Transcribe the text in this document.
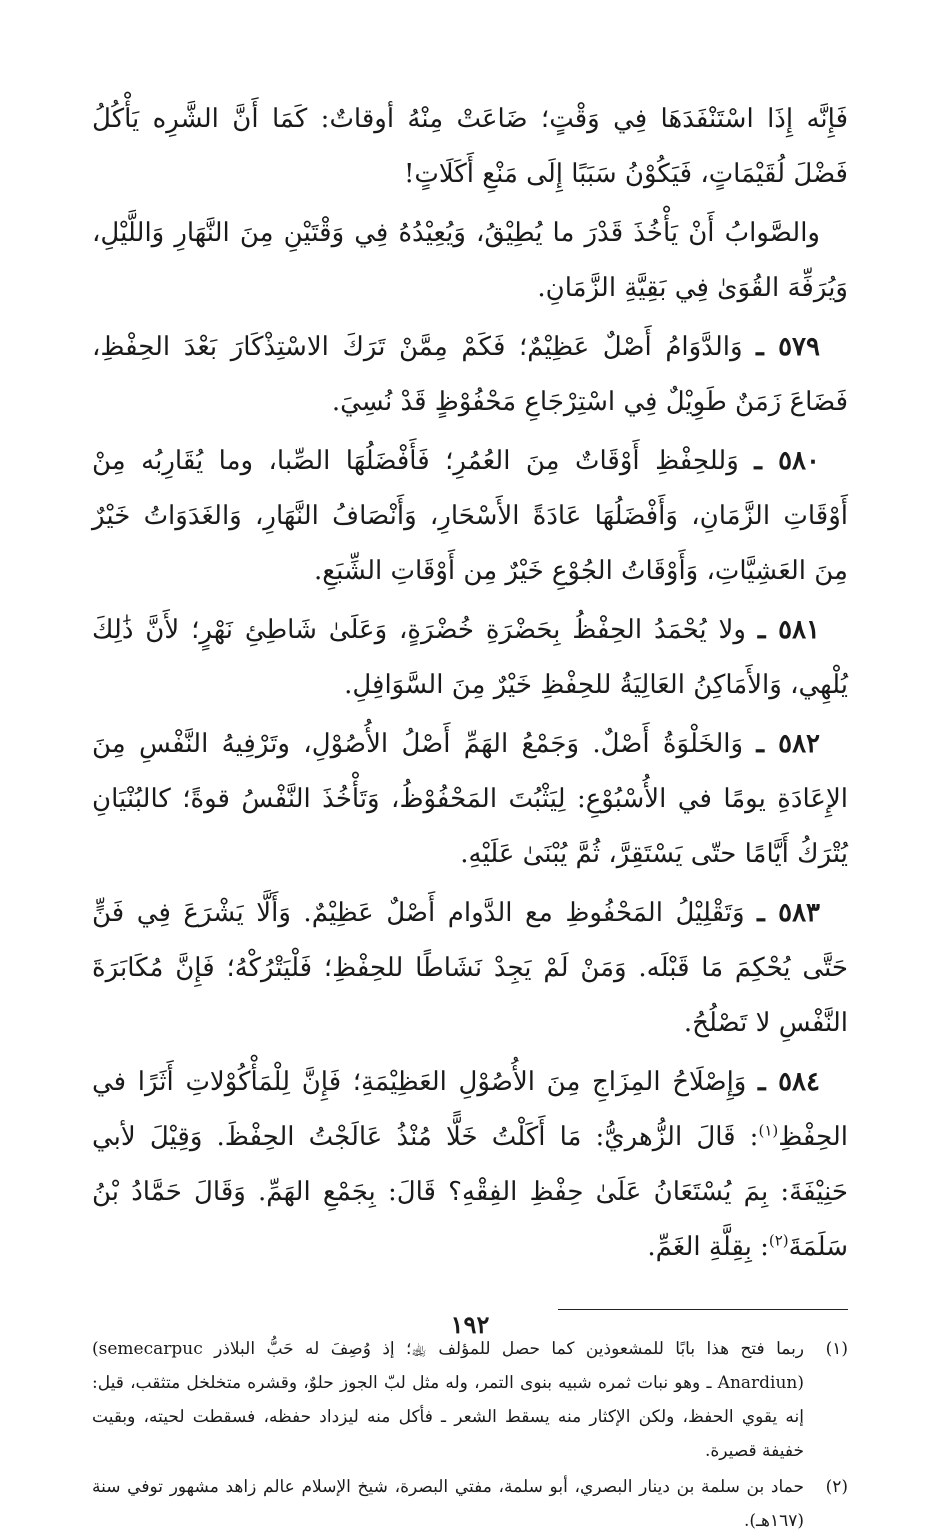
فَإِنَّه إِذَا اسْتَنْفَدَهَا فِي وَقْتٍ؛ ضَاعَتْ مِنْهُ أوقاتٌ: كَمَا أَنَّ الشَّرِه يَأْكُلُ فَضْلَ لُقَيْمَاتٍ، فَيَكُوْنُ سَبَبًا إِلَى مَنْعِ أَكَلَاتٍ!

والصَّوابُ أَنْ يَأْخُذَ قَدْرَ ما يُطِيْقُ، وَيُعِيْدُهُ فِي وَقْتَيْنِ مِنَ النَّهَارِ وَاللَّيْلِ، وَيُرَفِّهَ القُوَىٰ فِي بَقِيَّةِ الزَّمَانِ.

٥٧٩ ـ وَالدَّوَامُ أَصْلٌ عَظِيْمٌ؛ فَكَمْ مِمَّنْ تَرَكَ الاسْتِذْكَارَ بَعْدَ الحِفْظِ، فَضَاعَ زَمَنٌ طَوِيْلٌ فِي اسْتِرْجَاعِ مَحْفُوْظٍ قَدْ نُسِيَ.

٥٨٠ ـ وَللحِفْظِ أَوْقَاتٌ مِنَ العُمُرِ؛ فَأَفْضَلُهَا الصِّبا، وما يُقَارِبُه مِنْ أَوْقَاتِ الزَّمَانِ، وَأَفْضَلُهَا عَادَةً الأَسْحَارِ، وَأَنْصَافُ النَّهَارِ، وَالغَدَوَاتُ خَيْرٌ مِنَ العَشِيَّاتِ، وَأَوْقَاتُ الجُوْعِ خَيْرٌ مِن أَوْقَاتِ الشِّبَعِ.

٥٨١ ـ ولا يُحْمَدُ الحِفْظُ بِحَضْرَةِ خُضْرَةٍ، وَعَلَىٰ شَاطِئِ نَهْرٍ؛ لأَنَّ ذَٰلِكَ يُلْهِي، وَالأَمَاكِنُ العَالِيَةُ للحِفْظِ خَيْرٌ مِنَ السَّوَافِلِ.

٥٨٢ ـ وَالخَلْوَةُ أَصْلٌ. وَجَمْعُ الهَمِّ أَصْلُ الأُصُوْلِ، وتَرْفِيهُ النَّفْسِ مِنَ الإِعَادَةِ يومًا في الأُسْبُوْعِ: لِيَثْبُتَ المَحْفُوْظُ، وَتَأْخُذَ النَّفْسُ قوةً؛ كالبُنْيَانِ يُتْرَكُ أَيَّامًا حتّى يَسْتَقِرَّ، ثُمَّ يُبْنَىٰ عَلَيْهِ.

٥٨٣ ـ وَتَقْلِيْلُ المَحْفُوظِ مع الدَّوام أَصْلٌ عَظِيْمٌ. وَأَلَّا يَشْرَعَ فِي فَنٍّ حَتَّى يُحْكِمَ مَا قَبْلَه. وَمَنْ لَمْ يَجِدْ نَشَاطًا للحِفْظِ؛ فَلْيَتْرُكْهُ؛ فَإِنَّ مُكَابَرَةَ النَّفْسِ لا تَصْلُحُ.

٥٨٤ ـ وَإِصْلَاحُ المِزَاجِ مِنَ الأُصُوْلِ العَظِيْمَةِ؛ فَإِنَّ لِلْمَأْكُوْلاتِ أَثَرًا في الحِفْظِ$^{(١)}$: قَالَ الزُّهريُّ: مَا أَكَلْتُ خَلًّا مُنْذُ عَالَجْتُ الحِفْظَ. وَقِيْلَ لأبي حَنِيْفَةَ: بِمَ يُسْتَعَانُ عَلَىٰ حِفْظِ الفِقْهِ؟ قَالَ: بِجَمْعِ الهَمِّ. وَقَالَ حَمَّادُ بْنُ سَلَمَةَ$^{(٢)}$: بِقِلَّةِ الغَمِّ.

(١)
ربما فتح هذا بابًا للمشعوذين كما حصل للمؤلف ﵀؛ إذ وُصِفَ له حَبُّ البلاذر (semecarpuc Anardiun) ـ وهو نبات ثمره شبيه بنوى التمر، وله مثل لبّ الجوز حلوٌ، وقشره متخلخل متثقب، قيل: إنه يقوي الحفظ، ولكن الإكثار منه يسقط الشعر ـ فأكل منه ليزداد حفظه، فسقطت لحيته، وبقيت خفيفة قصيرة.
(٢)
حماد بن سلمة بن دينار البصري، أبو سلمة، مفتي البصرة، شيخ الإسلام عالم زاهد مشهور توفي سنة (١٦٧هـ).
١٩٢
